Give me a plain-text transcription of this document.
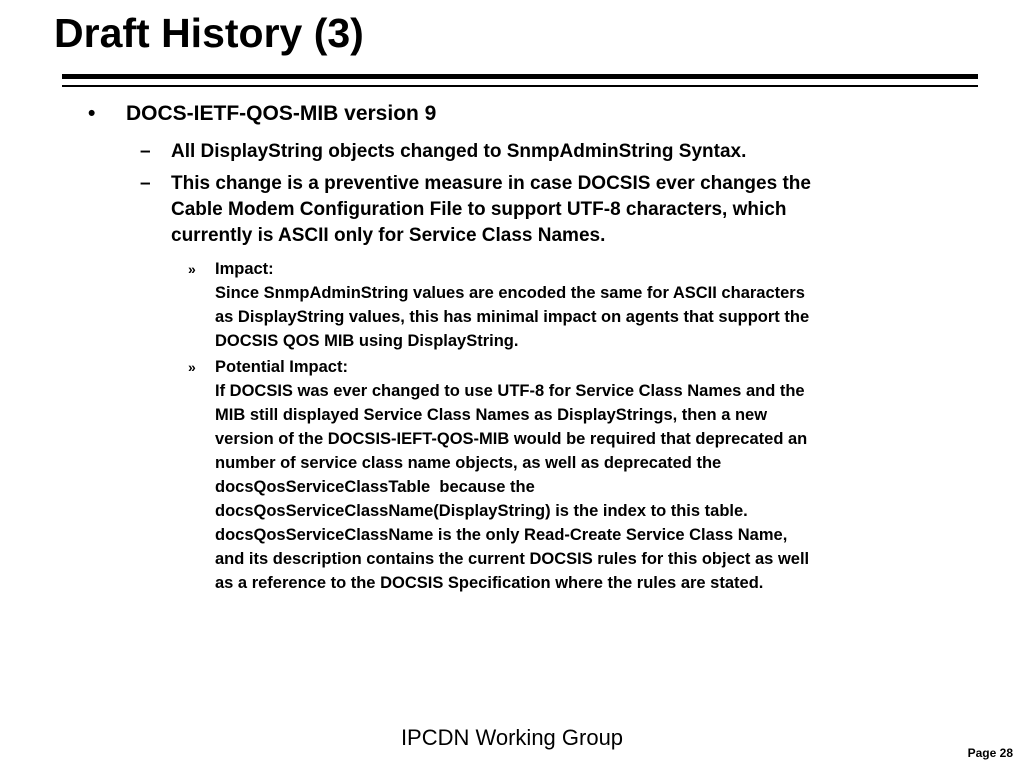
Draft History (3)
•	DOCS-IETF-QOS-MIB version 9
–	All DisplayString objects changed to SnmpAdminString Syntax.
–	This change is a preventive measure in case DOCSIS ever changes the
Cable Modem Configuration File to support UTF-8 characters, which
currently is ASCII only for Service Class Names.
»	Impact:
Since SnmpAdminString values are encoded the same for ASCII characters
as DisplayString values, this has minimal impact on agents that support the
DOCSIS QOS MIB using DisplayString.
»	Potential Impact:
If DOCSIS was ever changed to use UTF-8 for Service Class Names and the
MIB still displayed Service Class Names as DisplayStrings, then a new
version of the DOCSIS-IEFT-QOS-MIB would be required that deprecated an
number of service class name objects, as well as deprecated the
docsQosServiceClassTable  because the
docsQosServiceClassName(DisplayString) is the index to this table.
docsQosServiceClassName is the only Read-Create Service Class Name,
and its description contains the current DOCSIS rules for this object as well
as a reference to the DOCSIS Specification where the rules are stated.
IPCDN Working Group
Page 28
